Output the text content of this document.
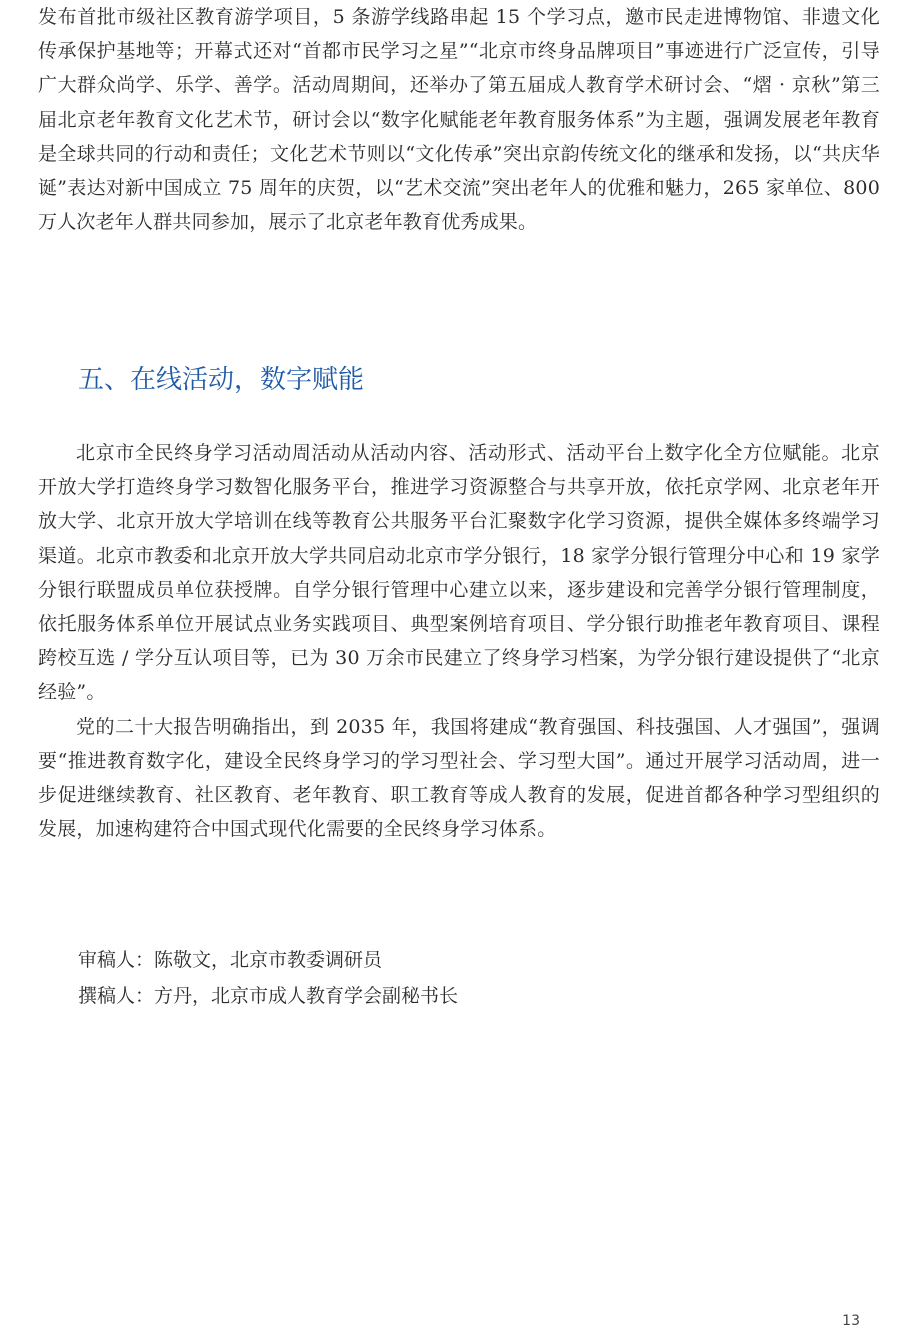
发布首批市级社区教育游学项目，5 条游学线路串起 15 个学习点，邀市民走进博物馆、非遗文化传承保护基地等；开幕式还对“首都市民学习之星”“北京市终身品牌项目”事迹进行广泛宣传，引导广大群众尚学、乐学、善学。活动周期间，还举办了第五届成人教育学术研讨会、“熠 · 京秋”第三届北京老年教育文化艺术节，研讨会以“数字化赋能老年教育服务体系”为主题，强调发展老年教育是全球共同的行动和责任；文化艺术节则以“文化传承”突出京韵传统文化的继承和发扬，以“共庆华诞”表达对新中国成立 75 周年的庆贺，以“艺术交流”突出老年人的优雅和魅力，265 家单位、800 万人次老年人群共同参加，展示了北京老年教育优秀成果。

五、在线活动，数字赋能

北京市全民终身学习活动周活动从活动内容、活动形式、活动平台上数字化全方位赋能。北京开放大学打造终身学习数智化服务平台，推进学习资源整合与共享开放，依托京学网、北京老年开放大学、北京开放大学培训在线等教育公共服务平台汇聚数字化学习资源，提供全媒体多终端学习渠道。北京市教委和北京开放大学共同启动北京市学分银行，18 家学分银行管理分中心和 19 家学分银行联盟成员单位获授牌。自学分银行管理中心建立以来，逐步建设和完善学分银行管理制度，依托服务体系单位开展试点业务实践项目、典型案例培育项目、学分银行助推老年教育项目、课程跨校互选 / 学分互认项目等，已为 30 万余市民建立了终身学习档案，为学分银行建设提供了“北京经验”。

党的二十大报告明确指出，到 2035 年，我国将建成“教育强国、科技强国、人才强国”，强调要“推进教育数字化，建设全民终身学习的学习型社会、学习型大国”。通过开展学习活动周，进一步促进继续教育、社区教育、老年教育、职工教育等成人教育的发展，促进首都各种学习型组织的发展，加速构建符合中国式现代化需要的全民终身学习体系。

审稿人：陈敬文，北京市教委调研员
撰稿人：方丹，北京市成人教育学会副秘书长
13
